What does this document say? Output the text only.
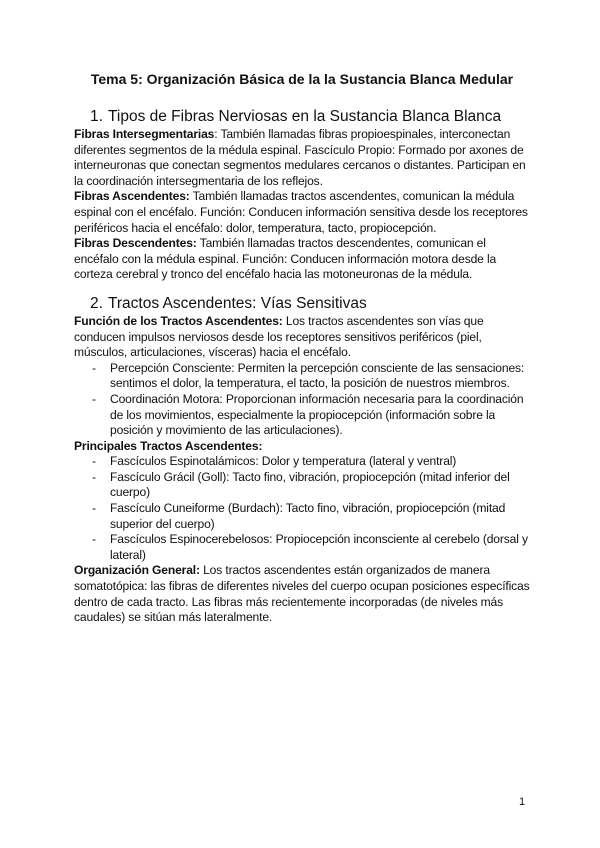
Tema 5: Organización Básica de la la Sustancia Blanca Medular
1. Tipos de Fibras Nerviosas en la Sustancia Blanca Blanca

Fibras Intersegmentarias: También llamadas fibras propioespinales, interconectan diferentes segmentos de la médula espinal. Fascículo Propio: Formado por axones de interneuronas que conectan segmentos medulares cercanos o distantes. Participan en la coordinación intersegmentaria de los reflejos.

Fibras Ascendentes: También llamadas tractos ascendentes, comunican la médula espinal con el encéfalo. Función: Conducen información sensitiva desde los receptores periféricos hacia el encéfalo: dolor, temperatura, tacto, propiocepción.

Fibras Descendentes: También llamadas tractos descendentes, comunican el encéfalo con la médula espinal. Función: Conducen información motora desde la corteza cerebral y tronco del encéfalo hacia las motoneuronas de la médula.

2. Tractos Ascendentes: Vías Sensitivas

Función de los Tractos Ascendentes: Los tractos ascendentes son vías que conducen impulsos nerviosos desde los receptores sensitivos periféricos (piel, músculos, articulaciones, vísceras) hacia el encéfalo.

- Percepción Consciente: Permiten la percepción consciente de las sensaciones: sentimos el dolor, la temperatura, el tacto, la posición de nuestros miembros.
- Coordinación Motora: Proporcionan información necesaria para la coordinación de los movimientos, especialmente la propiocepción (información sobre la posición y movimiento de las articulaciones).

Principales Tractos Ascendentes:

- Fascículos Espinotalámicos: Dolor y temperatura (lateral y ventral)
- Fascículo Grácil (Goll): Tacto fino, vibración, propiocepción (mitad inferior del cuerpo)
- Fascículo Cuneiforme (Burdach): Tacto fino, vibración, propiocepción (mitad superior del cuerpo)
- Fascículos Espinocerebelosos: Propiocepción inconsciente al cerebelo (dorsal y lateral)

Organización General: Los tractos ascendentes están organizados de manera somatotópica: las fibras de diferentes niveles del cuerpo ocupan posiciones específicas dentro de cada tracto. Las fibras más recientemente incorporadas (de niveles más caudales) se sitúan más lateralmente.

1
